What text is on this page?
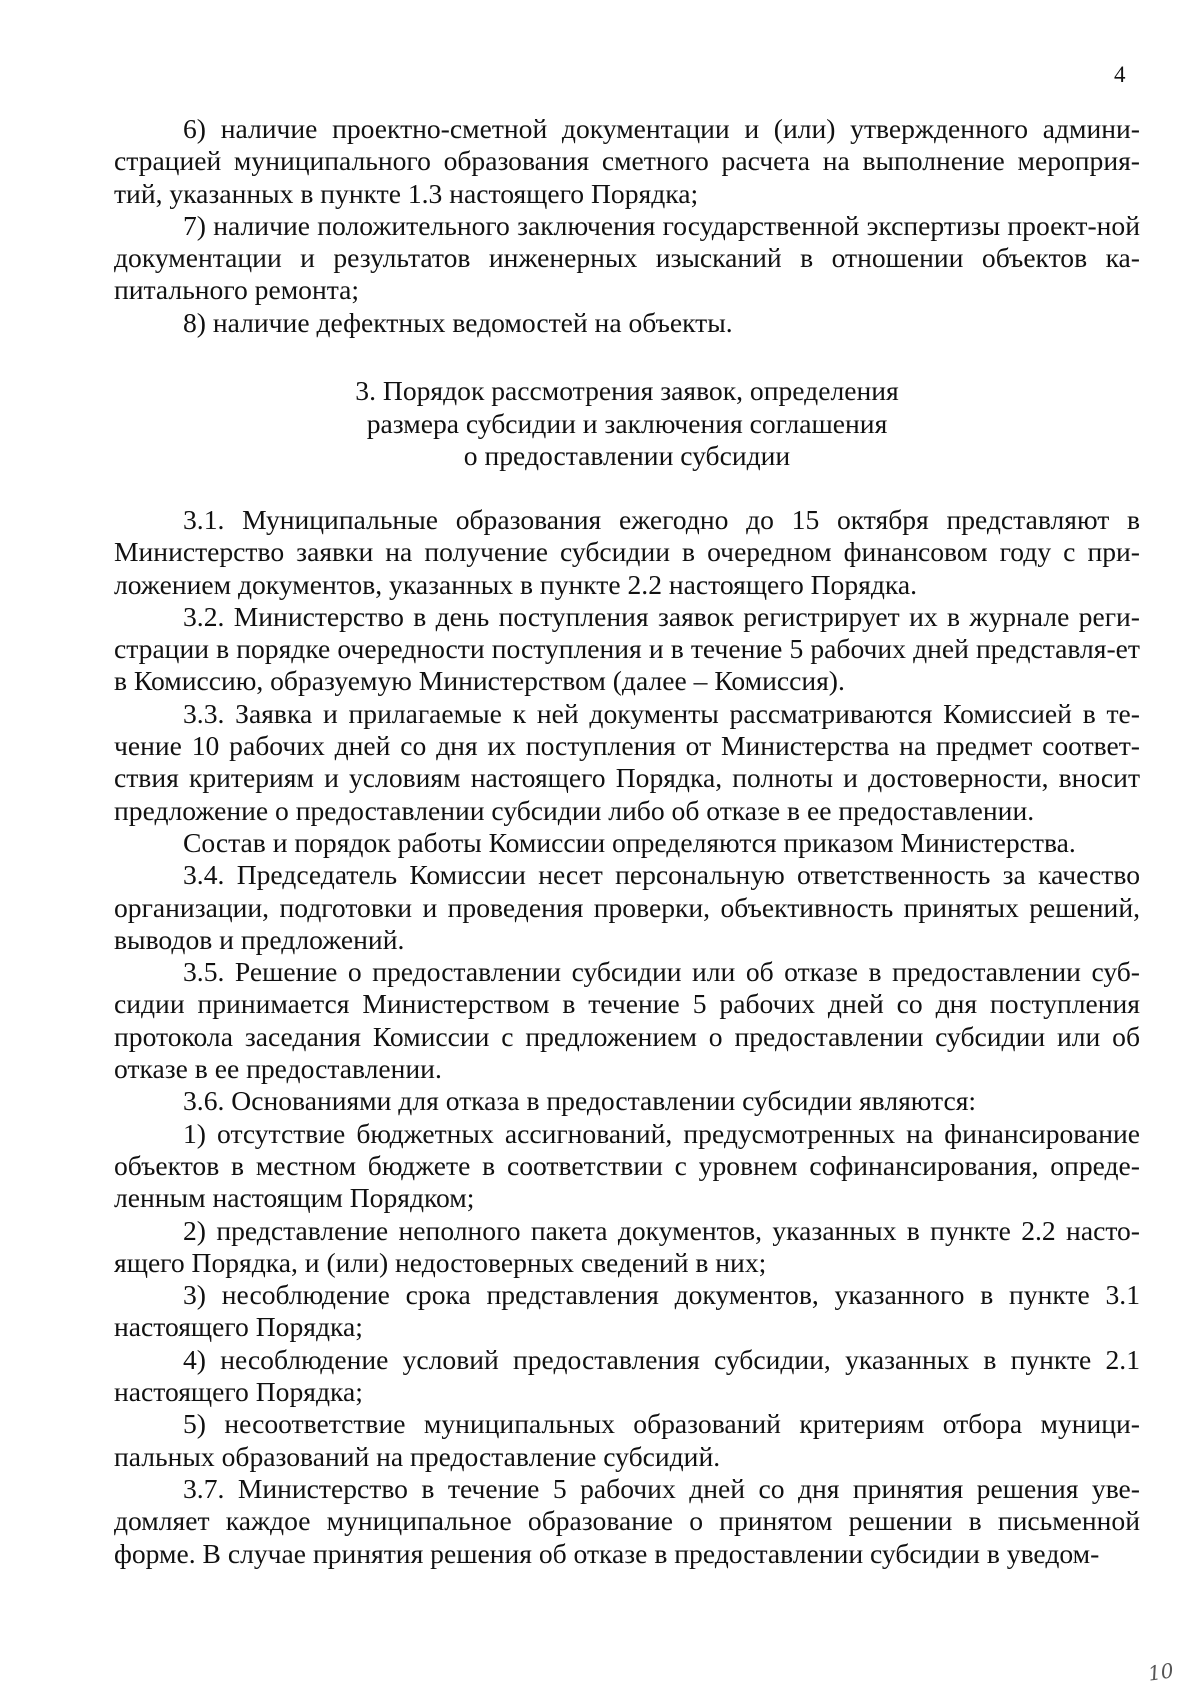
4

6) наличие проектно-сметной документации и (или) утвержденного админи-страцией муниципального образования сметного расчета на выполнение мероприя-тий, указанных в пункте 1.3 настоящего Порядка;

7) наличие положительного заключения государственной экспертизы проект-ной документации и результатов инженерных изысканий в отношении объектов ка-питального ремонта;

8) наличие дефектных ведомостей на объекты.

3. Порядок рассмотрения заявок, определения
размера субсидии и заключения соглашения
о предоставлении субсидии

3.1. Муниципальные образования ежегодно до 15 октября представляют в Министерство заявки на получение субсидии в очередном финансовом году с при-ложением документов, указанных в пункте 2.2 настоящего Порядка.

3.2. Министерство в день поступления заявок регистрирует их в журнале реги-страции в порядке очередности поступления и в течение 5 рабочих дней представля-ет в Комиссию, образуемую Министерством (далее – Комиссия).

3.3. Заявка и прилагаемые к ней документы рассматриваются Комиссией в те-чение 10 рабочих дней со дня их поступления от Министерства на предмет соответ-ствия критериям и условиям настоящего Порядка, полноты и достоверности, вносит предложение о предоставлении субсидии либо об отказе в ее предоставлении.

Состав и порядок работы Комиссии определяются приказом Министерства.

3.4. Председатель Комиссии несет персональную ответственность за качество организации, подготовки и проведения проверки, объективность принятых решений, выводов и предложений.

3.5. Решение о предоставлении субсидии или об отказе в предоставлении суб-сидии принимается Министерством в течение 5 рабочих дней со дня поступления протокола заседания Комиссии с предложением о предоставлении субсидии или об отказе в ее предоставлении.

3.6. Основаниями для отказа в предоставлении субсидии являются:

1) отсутствие бюджетных ассигнований, предусмотренных на финансирование объектов в местном бюджете в соответствии с уровнем софинансирования, опреде-ленным настоящим Порядком;

2) представление неполного пакета документов, указанных в пункте 2.2 насто-ящего Порядка, и (или) недостоверных сведений в них;

3) несоблюдение срока представления документов, указанного в пункте 3.1 настоящего Порядка;

4) несоблюдение условий предоставления субсидии, указанных в пункте 2.1 настоящего Порядка;

5) несоответствие муниципальных образований критериям отбора муници-пальных образований на предоставление субсидий.

3.7. Министерство в течение 5 рабочих дней со дня принятия решения уве-домляет каждое муниципальное образование о принятом решении в письменной форме. В случае принятия решения об отказе в предоставлении субсидии в уведом-

10
